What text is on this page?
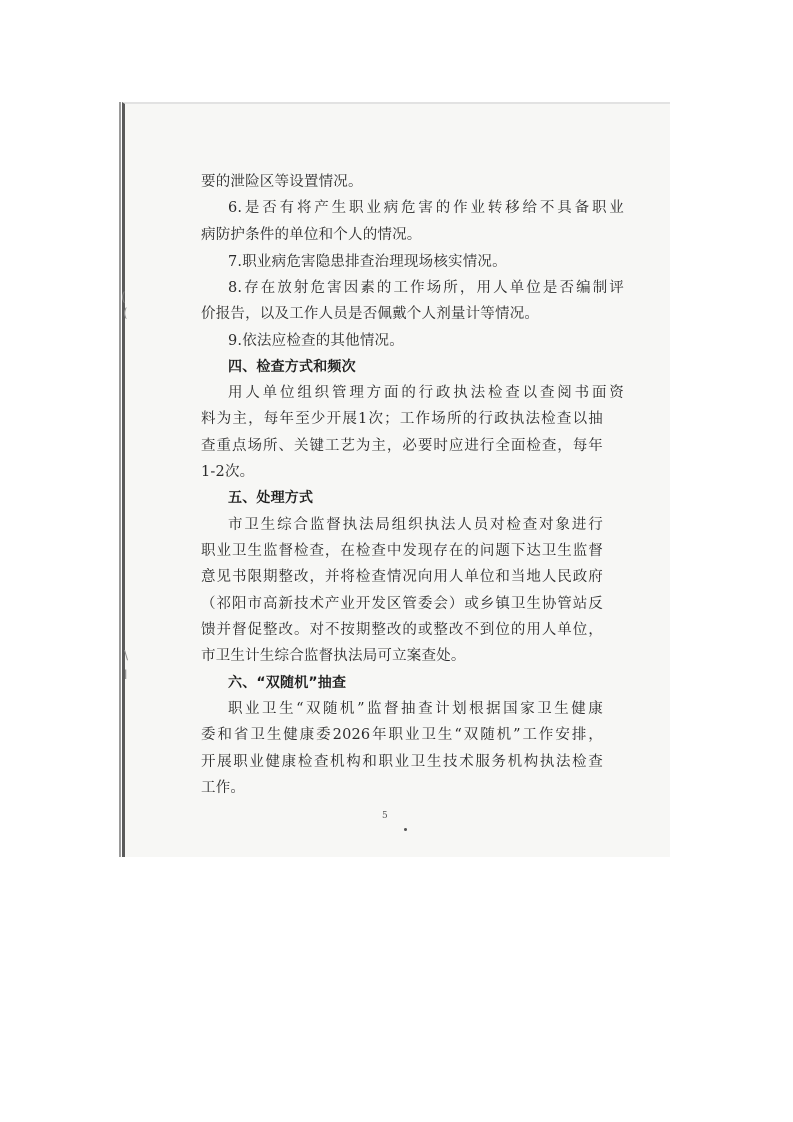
(
(
\
l
要的泄险区等设置情况。
6.是否有将产生职业病危害的作业转移给不具备职业
病防护条件的单位和个人的情况。
7.职业病危害隐患排查治理现场核实情况。
8.存在放射危害因素的工作场所，用人单位是否编制评
价报告，以及工作人员是否佩戴个人剂量计等情况。
9.依法应检查的其他情况。
四、检查方式和频次
用人单位组织管理方面的行政执法检查以查阅书面资
料为主，每年至少开展1次；工作场所的行政执法检查以抽
查重点场所、关键工艺为主，必要时应进行全面检查，每年
1-2次。
五、处理方式
市卫生综合监督执法局组织执法人员对检查对象进行
职业卫生监督检查，在检查中发现存在的问题下达卫生监督
意见书限期整改，并将检查情况向用人单位和当地人民政府
（祁阳市高新技术产业开发区管委会）或乡镇卫生协管站反
馈并督促整改。对不按期整改的或整改不到位的用人单位，
市卫生计生综合监督执法局可立案查处。
六、“双随机”抽查
职业卫生“双随机”监督抽查计划根据国家卫生健康
委和省卫生健康委2026年职业卫生“双随机”工作安排，
开展职业健康检查机构和职业卫生技术服务机构执法检查
工作。
5
